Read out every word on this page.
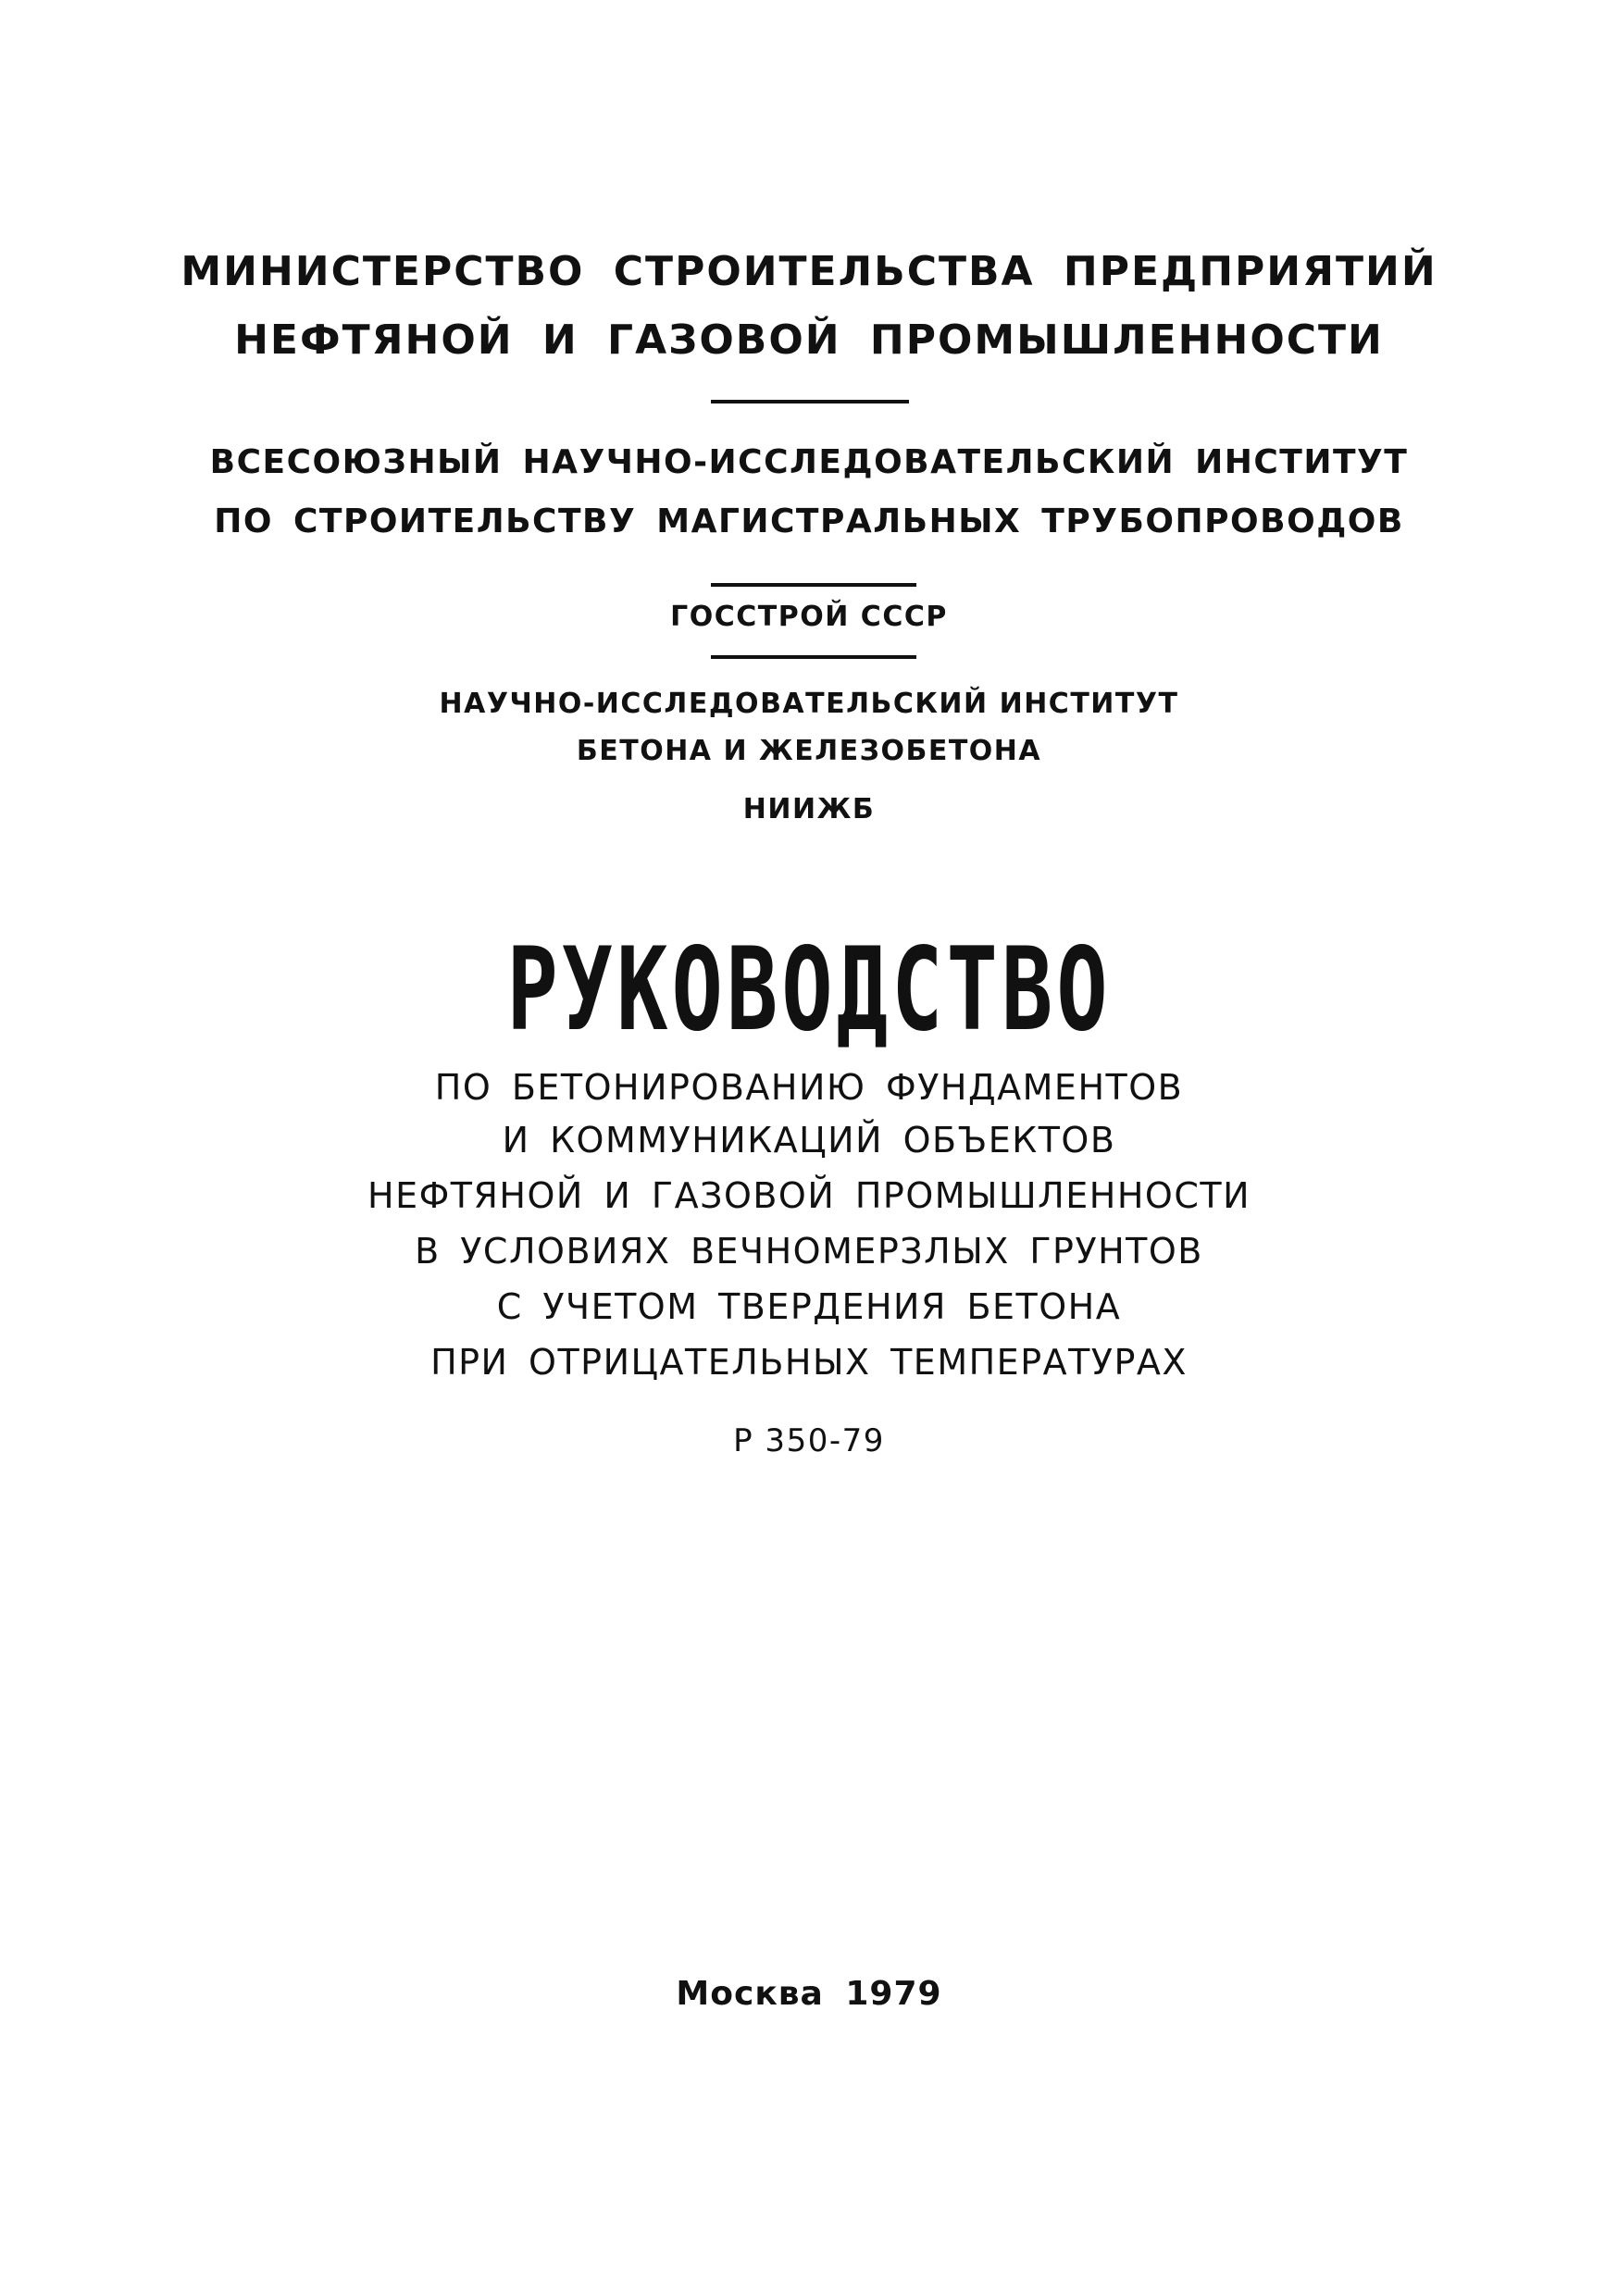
МИНИСТЕРСТВО СТРОИТЕЛЬСТВА ПРЕДПРИЯТИЙ
НЕФТЯНОЙ И ГАЗОВОЙ ПРОМЫШЛЕННОСТИ
ВСЕСОЮЗНЫЙ НАУЧНО-ИССЛЕДОВАТЕЛЬСКИЙ ИНСТИТУТ
ПО СТРОИТЕЛЬСТВУ МАГИСТРАЛЬНЫХ ТРУБОПРОВОДОВ
ГОССТРОЙ СССР
НАУЧНО-ИССЛЕДОВАТЕЛЬСКИЙ ИНСТИТУТ
БЕТОНА И ЖЕЛЕЗОБЕТОНА
НИИЖБ
РУКОВОДСТВО
ПО БЕТОНИРОВАНИЮ ФУНДАМЕНТОВ
И КОММУНИКАЦИЙ ОБЪЕКТОВ
НЕФТЯНОЙ И ГАЗОВОЙ ПРОМЫШЛЕННОСТИ
В УСЛОВИЯХ ВЕЧНОМЕРЗЛЫХ ГРУНТОВ
С УЧЕТОМ ТВЕРДЕНИЯ БЕТОНА
ПРИ ОТРИЦАТЕЛЬНЫХ ТЕМПЕРАТУРАХ
Р 350-79
Москва 1979
